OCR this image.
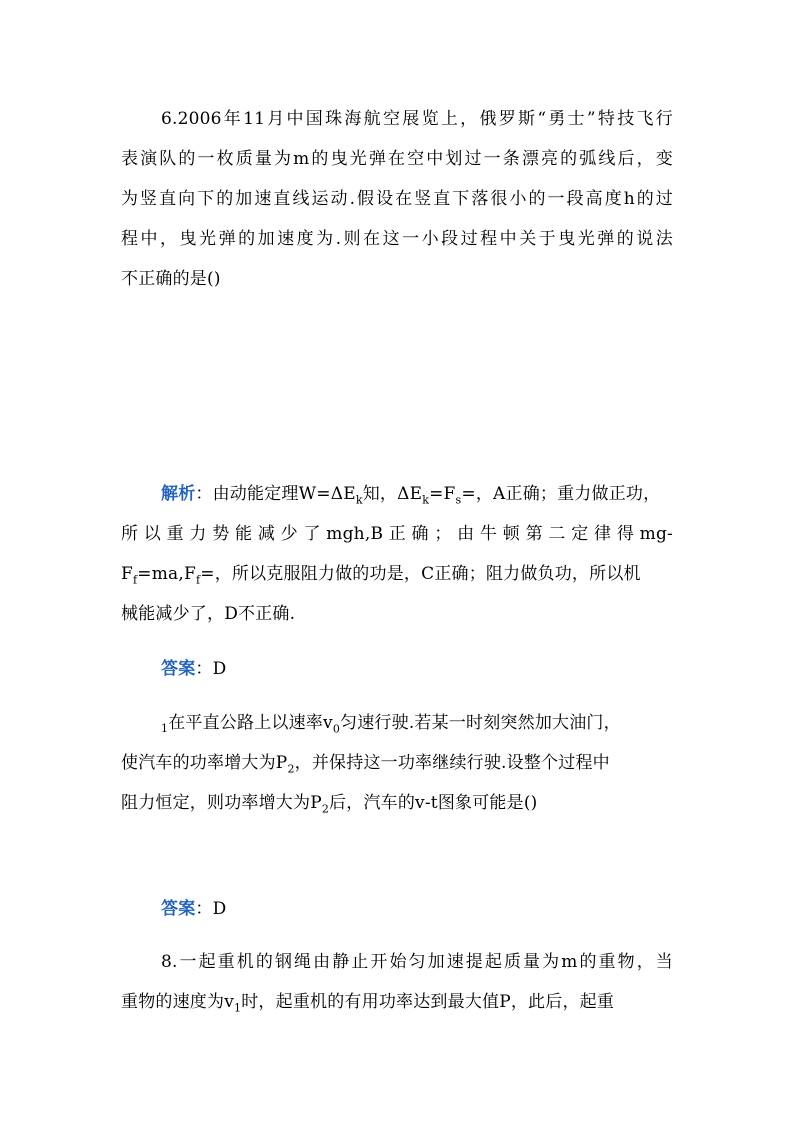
6.2006年11月中国珠海航空展览上，俄罗斯“勇士”特技飞行
表演队的一枚质量为m的曳光弹在空中划过一条漂亮的弧线后，变
为竖直向下的加速直线运动.假设在竖直下落很小的一段高度h的过
程中，曳光弹的加速度为.则在这一小段过程中关于曳光弹的说法
不正确的是()
解析：由动能定理$W=\Delta E_k$知，$\Delta E_k=F_s=$，A正确；重力做正功，
所以重力势能减少了mgh,B正确；由牛顿第二定律得mg-
$F_f=ma,F_f=$，所以克服阻力做的功是，C正确；阻力做负功，所以机
械能减少了，D不正确.
答案：D
$_1$在平直公路上以速率$v_0$匀速行驶.若某一时刻突然加大油门，
使汽车的功率增大为$P_2$，并保持这一功率继续行驶.设整个过程中
阻力恒定，则功率增大为$P_2$后，汽车的v-t图象可能是()
答案：D
8.一起重机的钢绳由静止开始匀加速提起质量为m的重物，当
重物的速度为$v_1$时，起重机的有用功率达到最大值P，此后，起重
